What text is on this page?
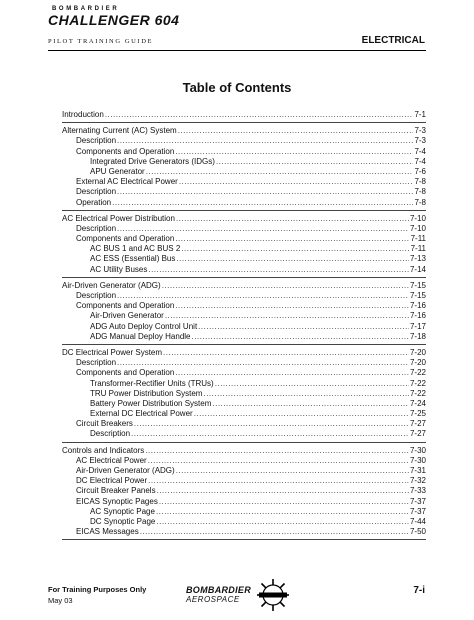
BOMBARDIER
CHALLENGER 604
PILOT TRAINING GUIDE	ELECTRICAL
Table of Contents
Introduction .....	7-1
Alternating Current (AC) System .....	7-3
Description .....	7-3
Components and Operation .....	7-4
Integrated Drive Generators (IDGs) .....	7-4
APU Generator .....	7-6
External AC Electrical Power .....	7-8
Description .....	7-8
Operation .....	7-8
AC Electrical Power Distribution .....	7-10
Description .....	7-10
Components and Operation .....	7-11
AC BUS 1 and AC BUS 2 .....	7-11
AC ESS (Essential) Bus .....	7-13
AC Utility Buses .....	7-14
Air-Driven Generator (ADG) .....	7-15
Description .....	7-15
Components and Operation .....	7-16
Air-Driven Generator .....	7-16
ADG Auto Deploy Control Unit .....	7-17
ADG Manual Deploy Handle .....	7-18
DC Electrical Power System .....	7-20
Description .....	7-20
Components and Operation .....	7-22
Transformer-Rectifier Units (TRUs) .....	7-22
TRU Power Distribution System .....	7-22
Battery Power Distribution System .....	7-24
External DC Electrical Power .....	7-25
Circuit Breakers .....	7-27
Description .....	7-27
Controls and Indicators .....	7-30
AC Electrical Power .....	7-30
Air-Driven Generator (ADG) .....	7-31
DC Electrical Power .....	7-32
Circuit Breaker Panels .....	7-33
EICAS Synoptic Pages .....	7-37
AC Synoptic Page .....	7-37
DC Synoptic Page .....	7-44
EICAS Messages .....	7-50
For Training Purposes Only
May 03
BOMBARDIER
AEROSPACE
7-i
